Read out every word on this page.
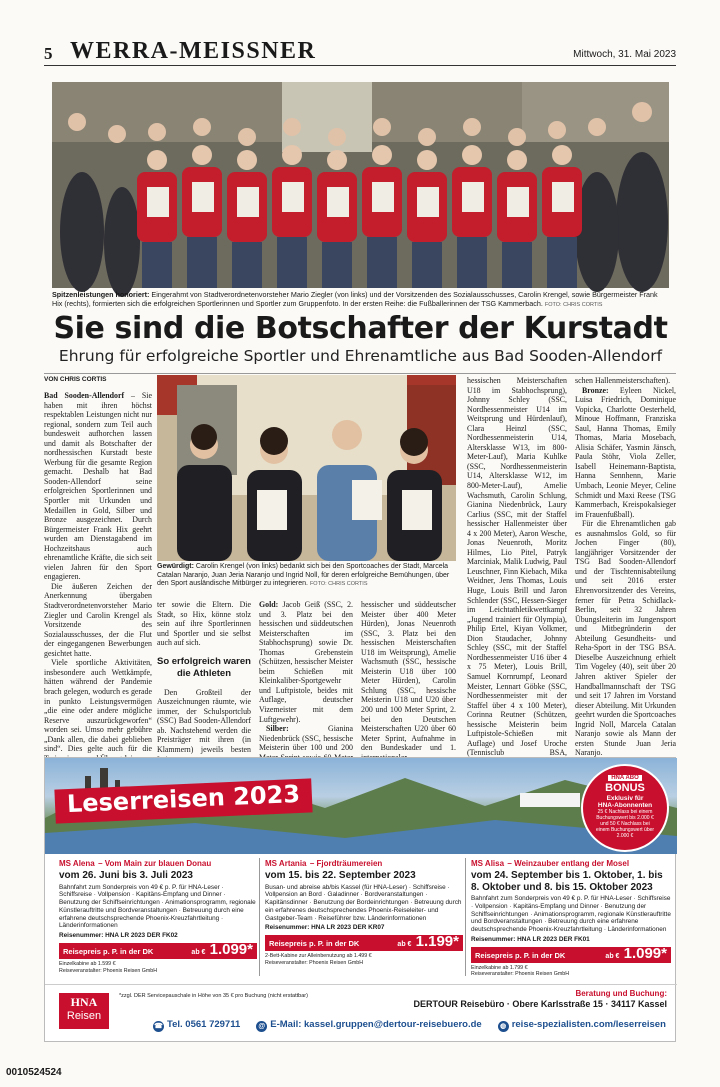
5 WERRA-MEISSNER	Mittwoch, 31. Mai 2023
Spitzenleistungen honoriert: Eingerahmt von Stadtverordnetenvorsteher Mario Ziegler (von links) und der Vorsitzenden des Sozialausschusses, Carolin Krengel, sowie Bürgermeister Frank Hix (rechts), formierten sich die erfolgreichen Sportlerinnen und Sportler zum Gruppenfoto. In der ersten Reihe: die Fußballerinnen der TSG Kammerbach. FOTO: CHRIS CORTIS
Sie sind die Botschafter der Kurstadt
Ehrung für erfolgreiche Sportler und Ehrenamtliche aus Bad Sooden-Allendorf
VON CHRIS CORTIS

Bad Sooden-Allendorf – Sie haben mit ihren höchst respektablen Leistungen nicht nur regional, sondern zum Teil auch bundesweit aufhorchen lassen und damit als Botschafter der nordhessischen Kurstadt beste Werbung für die gesamte Region gemacht. Deshalb hat Bad Sooden-Allendorf seine erfolgreichen Sportlerinnen und Sportler mit Urkunden und Medaillen in Gold, Silber und Bronze ausgezeichnet. Durch Bürgermeister Frank Hix geehrt wurden am Dienstagabend im Hochzeitshaus auch ehrenamtliche Kräfte, die sich seit vielen Jahren für den Sport engagieren.

Die äußeren Zeichen der Anerkennung übergaben Stadtverordnetenvorsteher Mario Ziegler und Carolin Krengel als Vorsitzende des Sozialausschusses, der die Flut der eingegangenen Bewerbungen gesichtet hatte.

Viele sportliche Aktivitäten, insbesondere auch Wettkämpfe, hätten während der Pandemie brach gelegen, wodurch es gerade in punkto Leistungsvermögen „die eine oder andere mögliche Reserve auszurückgeworfen“ worden sei. Umso mehr gebühre „Dank allen, die dabei geblieben sind“. Dies gelte auch für die

Gewürdigt: Carolin Krengel (von links) bedankt sich bei den Sportcoaches der Stadt, Marcela Catalan Naranjo, Juan Jeria Naranjo und Ingrid Noll, für deren erfolgreiche Bemühungen, über den Sport ausländische Mitbürger zu integrieren. FOTO: CHRIS CORTIS

ter sowie die Eltern. Die Stadt, so Hix, könne stolz sein auf ihre Sportlerinnen und Sportler und sie selbst auch auf sich.

So erfolgreich waren die Athleten

Den Großteil der Auszeichnungen räumte, wie immer, der Schulsportclub (SSC) Bad Sooden-Allendorf ab. Nachstehend werden die Preisträger mit ihren (in Klammern) jeweils besten

Gold: Jacob Geiß (SSC, 2. und 3. Platz bei den hessischen und süddeutschen Meisterschaften im Stabhochsprung) sowie Dr. Thomas Grebenstein (Schützen, hessischer Meister beim Schießen mit Kleinkaliber-Sportgewehr und Luftpistole, beides mit Auflage, deutscher Vizemeister mit dem Luftgewehr).

Silber:	Gianina Niedenbrück (SSC, hessische Meisterin über 100 und 200

hessischer und süddeutscher Meister über 400 Meter Hürden), Jonas Neuenroth (SSC, 3. Platz bei den hessischen Meisterschaften U18 im Weitsprung), Amelie Wachsmuth (SSC, hessische Meisterin U18 über 100 Meter Hürden), Carolin Schlung (SSC, hessische Meisterin U18 und U20 über 200 und 100 Meter Sprint, 2. bei den Deutschen Meisterschaften U20 über 60 Meter Sprint, Aufnahme in den Bundeskader und 1.

hessischen Meisterschaften U18 im Stabhochsprung), Johnny Schley (SSC, Nordhessenmeister U14 im Weitsprung und Hürdenlauf), Clara Heinzl (SSC, Nordhessenmeisterin U14, Altersklasse W13, im 800-Meter-Lauf), Maria Kuhlke (SSC, Nordhessenmeisterin U14, Altersklasse W12, im 800-Meter-Lauf), Amelie Wachsmuth, Carolin Schlung, Gianina Niedenbrück, Laury Carlius (SSC, mit der Staffel hessischer Hallenmeister über 4 x 200 Meter), Aaron Wesche, Jonas Neuenroth, Moritz Hilmes, Lio Pitel, Patryk Marciniak, Malik Ludwig, Paul Leuschner, Finn Kiebach, Mika Weidner, Jens Thomas, Louis Huge, Louis Brill und Jaron Schlender (SSC, Hessen-Sieger im Leichtathletikwettkampf „Jugend trainiert für Olympia), Philip Ertel, Kiyan Volkmer, Dion Staudacher, Johnny Schley (SSC, mit der Staffel Nordhessenmeister U16 über 4 x 75 Meter), Louis Brill, Samuel Kornrumpf, Leonard Meister, Lennart Göbke (SSC, Nordhessenmeister mit der Staffel über 4 x 100 Meter), Corinna Reutner (Schützen, hessische Meisterin beim Luftpistole-Schießen mit Auflage) und Josef Uroche (Tennisclub BSA,

schen Hallenmeisterschaften).

Bronze: Eyleen Nickel, Luisa Friedrich, Dominique Vopicka, Charlotte Oesterheld, Minoue Hoffmann, Franziska Saul, Hanna Thomas, Emily Thomas, Maria Mosebach, Alisia Schäfer, Yasmin Jänsch, Paula Stöhr, Viola Zeller, Isabell Heinemann-Baptista, Hanna Sennhenn, Marie Umbach, Leonie Meyer, Celine Schmidt und Maxi Reese (TSG Kammerbach, Kreispokalsieger im Frauenfußball).

Für die Ehrenamtlichen gab es ausnahmslos Gold, so für Jochen Finger (80), langjähriger Vorsitzender der TSG Bad Sooden-Allendorf und der Tischtennisabteilung und seit 2016 erster Ehrenvorsitzender des Vereins, ferner für Petra Schidlack-Berlin, seit 32 Jahren Übungsleiterin im Jungensport und Mitbegründerin der Abteilung Gesundheits- und Reha-Sport in der TSG BSA. Dieselbe Auszeichnung erhielt Tim Vogeley (40), seit über 20 Jahren aktiver Spieler der Handballmannschaft der TSG und seit 17 Jahren im Vorstand dieser Abteilung. Mit Urkunden geehrt wurden die Sportcoaches Ingrid Noll, Marcela Catalan Naranjo sowie als Mann der ersten Stunde Juan Jeria Naranjo.

Leserreisen 2023
HNA ABO
BONUS
Exklusiv für
HNA-Abonnenten
25 € Nachlass bei einem Buchungswert bis 2.000 € und 50 € Nachlass bei einem Buchungswert über 2.000 €
MS Alena – Vom Main zur blauen Donau
vom 26. Juni bis 3. Juli 2023
Bahnfahrt zum Sonderpreis von 49 € p. P. für HNA-Leser · Schiffsreise · Vollpension · Kapitäns-Empfang und Dinner · Benutzung der Schiffseinrichtungen · Animationsprogramm, regionale Künstlerauftritte und Bordveranstaltungen · Betreuung durch eine erfahrene deutschsprechende Phoenix-Kreuzfahrtleitung · Länderinformationen
Reisenummer: HNA LR 2023 DER FK02
Reisepreis p. P. in der DK	ab € 1.099*
Einzelkabine ab 1.599 €
Reiseveranstalter: Phoenix Reisen GmbH
MS Artania – Fjordträumereien
vom 15. bis 22. September 2023
Busan- und abreise ab/bis Kassel (für HNA-Leser) · Schiffsreise · Vollpension an Bord · Galadinner · Bordveranstaltungen · Kapitänsdinner · Benutzung der Bordeinrichtungen · Betreuung durch ein erfahrenes deutschsprechendes Phoenix-Reiseleiter- und Gastgeber-Team · Reiseführer bzw. Länderinformationen
Reisenummer: HNA LR 2023 DER KR07
Reisepreis p. P. in der DK	ab € 1.199*
2-Bett-Kabine zur Alleinbenutzung ab 1.499 €
Reiseveranstalter: Phoenix Reisen GmbH
MS Alisa – Weinzauber entlang der Mosel
vom 24. September bis 1. Oktober, 1. bis 8. Oktober und 8. bis 15. Oktober 2023
Bahnfahrt zum Sonderpreis von 49 € p. P. für HNA-Leser · Schiffsreise · Vollpension · Kapitäns-Empfang und Dinner · Benutzung der Schiffseinrichtungen · Animationsprogramm, regionale Künstlerauftritte und Bordveranstaltungen · Betreuung durch eine erfahrene deutschsprechende Phoenix-Kreuzfahrtleitung · Länderinformationen
Reisenummer: HNA LR 2023 DER FK01
Reisepreis p. P. in der DK	ab € 1.099*
Einzelkabine ab 1.799 €
Reiseveranstalter: Phoenix Reisen GmbH
HNA
Reisen
*zzgl. DER Servicepauschale in Höhe von 35 € pro Buchung (nicht erstattbar)	Beratung und Buchung:
DERTOUR Reisebüro · Obere Karlsstraße 15 · 34117 Kassel
☎ Tel. 0561 729711	@ E-Mail: kassel.gruppen@dertour-reisebuero.de	◍ reise-spezialisten.com/leserreisen
0010524524
